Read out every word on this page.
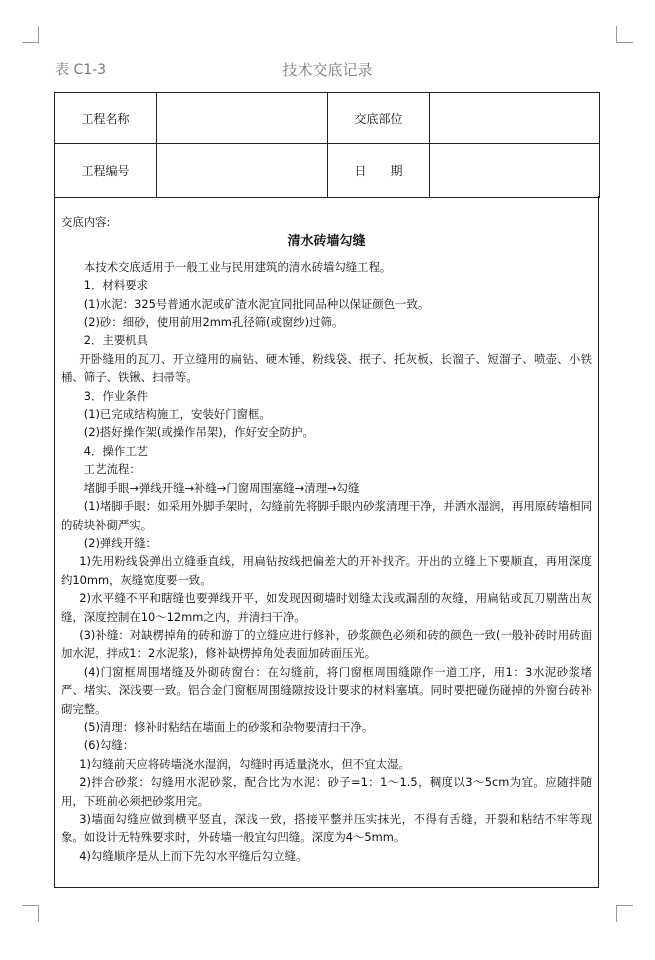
技术交底记录
表 C1-3
工程名称		交底部位	
工程编号		日　　期	

交底内容:

清水砖墙勾缝

本技术交底适用于一般工业与民用建筑的清水砖墙勾缝工程。

1．材料要求

(1)水泥：325号普通水泥或矿渣水泥宜同批同品种以保证颜色一致。

(2)砂：细砂，使用前用2mm孔径筛(或窗纱)过筛。

2．主要机具

开卧缝用的瓦刀、开立缝用的扁钻、硬木锤、粉线袋、抿子、托灰板、长溜子、短溜子、喷壶、小铁桶、筛子、铁锹、扫帚等。

3．作业条件

(1)已完成结构施工，安装好门窗框。

(2)搭好操作架(或操作吊架)，作好安全防护。

4．操作工艺

工艺流程：

堵脚手眼→弹线开缝→补缝→门窗周围塞缝→清理→勾缝

(1)堵脚手眼：如采用外脚手架时，勾缝前先将脚手眼内砂浆清理干净，并洒水湿润，再用原砖墙相同的砖块补砌严实。

(2)弹线开缝：

1)先用粉线袋弹出立缝垂直线，用扁钻按线把偏差大的开补找齐。开出的立缝上下要顺直，再用深度约10mm，灰缝宽度要一致。

2)水平缝不平和瞎缝也要弹线开平，如发现因砌墙时划缝太浅或漏刮的灰缝，用扁钻或瓦刀剔凿出灰缝，深度控制在10～12mm之内，并清扫干净。

(3)补缝：对缺楞掉角的砖和游丁的立缝应进行修补，砂浆颜色必须和砖的颜色一致(一般补砖时用砖面加水泥，拌成1：2水泥浆)，修补缺楞掉角处表面加砖面压光。

(4)门窗框周围堵缝及外砌砖窗台：在勾缝前，将门窗框周围缝隙作一道工序，用1：3水泥砂浆堵严、堵实、深浅要一致。铝合金门窗框周围缝隙按设计要求的材料塞填。同时要把碰伤碰掉的外窗台砖补砌完整。

(5)清理：修补时粘结在墙面上的砂浆和杂物要清扫干净。

(6)勾缝：

1)勾缝前天应将砖墙浇水湿润，勾缝时再适量浇水，但不宜太湿。

2)拌合砂浆：勾缝用水泥砂浆，配合比为水泥：砂子=1：1～1.5，稠度以3～5cm为宜。应随拌随用，下班前必须把砂浆用完。

3)墙面勾缝应做到横平竖直，深浅一致，搭接平整并压实抹光，不得有舌缝，开裂和粘结不牢等现象。如设计无特殊要求时，外砖墙一般宜勾凹缝。深度为4～5mm。

4)勾缝顺序是从上而下先勾水平缝后勾立缝。
